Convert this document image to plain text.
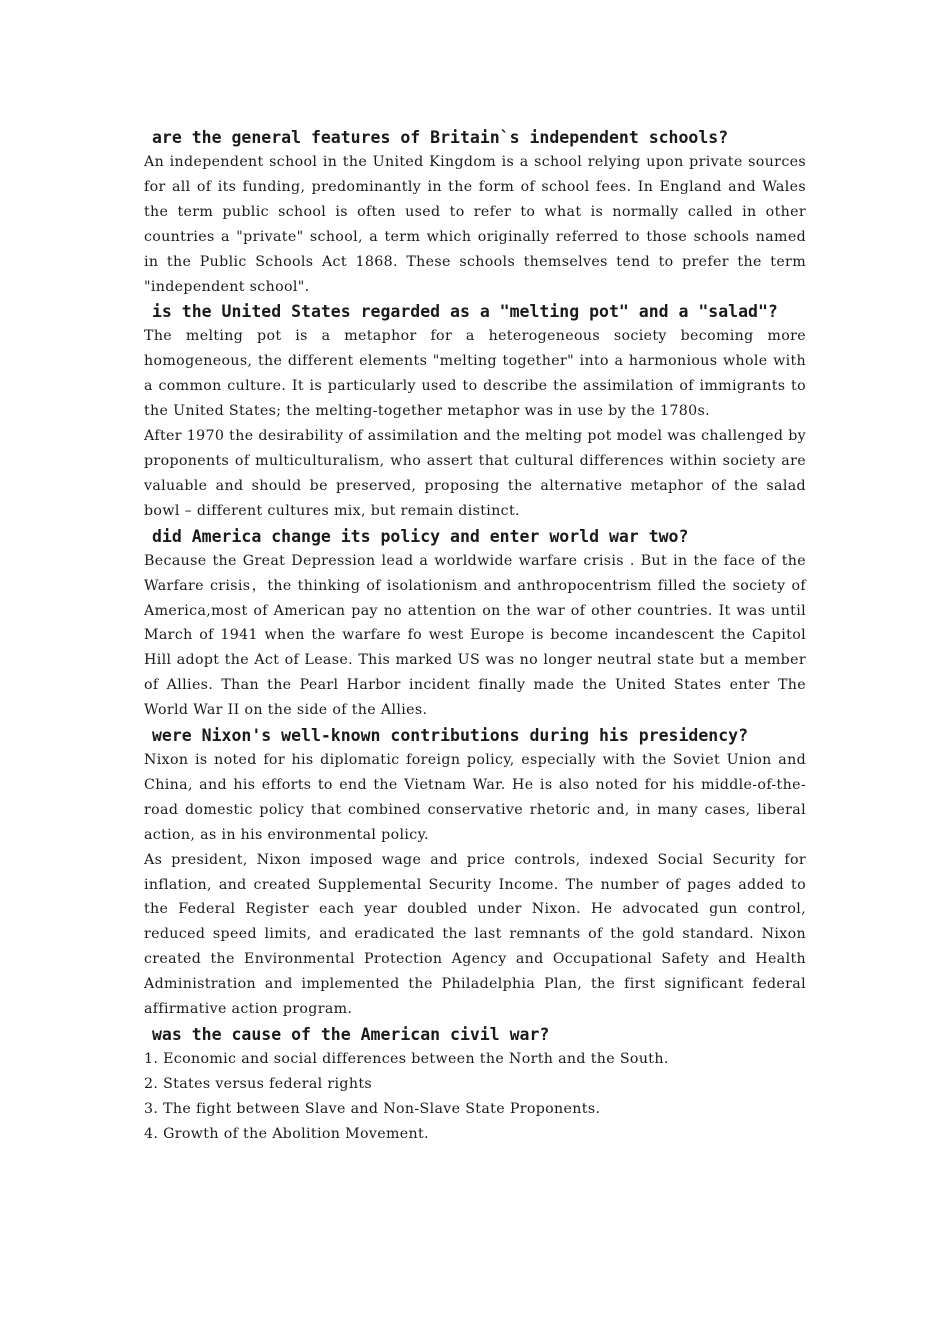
are the general features of Britain`s independent schools?

An independent school in the United Kingdom is a school relying upon private sources for all of its funding, predominantly in the form of school fees. In England and Wales the term public school is often used to refer to what is normally called in other countries a "private" school, a term which originally referred to those schools named in the Public Schools Act 1868. These schools themselves tend to prefer the term "independent school".

is the United States regarded as a "melting pot" and a "salad"?

The melting pot is a metaphor for a heterogeneous society becoming more homogeneous, the different elements "melting together" into a harmonious whole with a common culture. It is particularly used to describe the assimilation of immigrants to the United States; the melting-together metaphor was in use by the 1780s.

After 1970 the desirability of assimilation and the melting pot model was challenged by proponents of multiculturalism, who assert that cultural differences within society are valuable and should be preserved, proposing the alternative metaphor of the salad bowl – different cultures mix, but remain distinct.

did America change its policy and enter world war two?

Because the Great Depression lead a worldwide warfare crisis . But in the face of the Warfare crisis，the thinking of isolationism and anthropocentrism filled the society of America,most of American pay no attention on the war of other countries. It was until March of 1941 when the warfare fo west Europe is become incandescent the Capitol Hill adopt the Act of Lease. This marked US was no longer neutral state but a member of Allies. Than the Pearl Harbor incident finally made the United States enter The World War II on the side of the Allies.

were Nixon's well-known contributions during his presidency?

Nixon is noted for his diplomatic foreign policy, especially with the Soviet Union and China, and his efforts to end the Vietnam War. He is also noted for his middle-of-the-road domestic policy that combined conservative rhetoric and, in many cases, liberal action, as in his environmental policy.

As president, Nixon imposed wage and price controls, indexed Social Security for inflation, and created Supplemental Security Income. The number of pages added to the Federal Register each year doubled under Nixon. He advocated gun control, reduced speed limits, and eradicated the last remnants of the gold standard. Nixon created the Environmental Protection Agency and Occupational Safety and Health Administration and implemented the Philadelphia Plan, the first significant federal affirmative action program.

was the cause of the American civil war?

1. Economic and social differences between the North and the South.

2. States versus federal rights

3. The fight between Slave and Non-Slave State Proponents.

4. Growth of the Abolition Movement.
